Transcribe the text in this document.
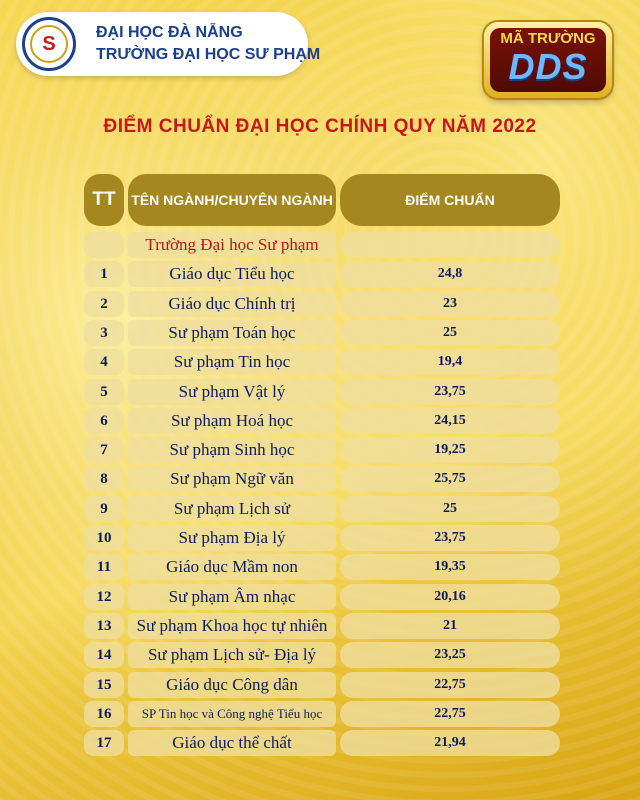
S	ĐẠI HỌC ĐÀ NẴNG
TRƯỜNG ĐẠI HỌC SƯ PHẠM
MÃ TRƯỜNG
DDS
ĐIỂM CHUẨN ĐẠI HỌC CHÍNH QUY NĂM 2022
TT	TÊN NGÀNH/CHUYÊN NGÀNH	ĐIỂM CHUẨN
Trường Đại học Sư phạm
1	Giáo dục Tiểu học	24,8
2	Giáo dục Chính trị	23
3	Sư phạm Toán học	25
4	Sư phạm Tin học	19,4
5	Sư phạm Vật lý	23,75
6	Sư phạm Hoá học	24,15
7	Sư phạm Sinh học	19,25
8	Sư phạm Ngữ văn	25,75
9	Sư phạm Lịch sử	25
10	Sư phạm Địa lý	23,75
11	Giáo dục Mầm non	19,35
12	Sư phạm Âm nhạc	20,16
13	Sư phạm Khoa học tự nhiên	21
14	Sư phạm Lịch sử- Địa lý	23,25
15	Giáo dục Công dân	22,75
16	SP Tin học và Công nghệ Tiểu học	22,75
17	Giáo dục thể chất	21,94
